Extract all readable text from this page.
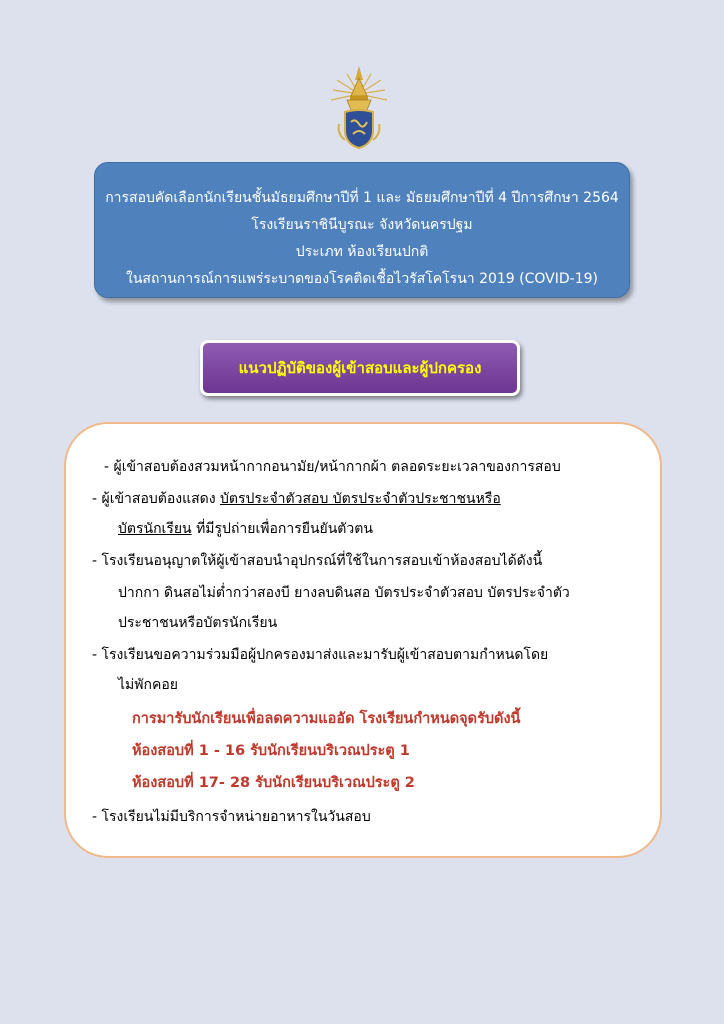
การสอบคัดเลือกนักเรียนชั้นมัธยมศึกษาปีที่ 1 และ มัธยมศึกษาปีที่ 4 ปีการศึกษา 2564
โรงเรียนราชินีบูรณะ จังหวัดนครปฐม
ประเภท ห้องเรียนปกติ
ในสถานการณ์การแพร่ระบาดของโรคติดเชื้อไวรัสโคโรนา 2019 (COVID-19)
แนวปฏิบัติของผู้เข้าสอบและผู้ปกครอง
- ผู้เข้าสอบต้องสวมหน้ากากอนามัย/หน้ากากผ้า ตลอดระยะเวลาของการสอบ
- ผู้เข้าสอบต้องแสดง บัตรประจำตัวสอบ บัตรประจำตัวประชาชนหรือ
บัตรนักเรียน ที่มีรูปถ่ายเพื่อการยืนยันตัวตน
- โรงเรียนอนุญาตให้ผู้เข้าสอบนำอุปกรณ์ที่ใช้ในการสอบเข้าห้องสอบได้ดังนี้
ปากกา ดินสอไม่ต่ำกว่าสองบี ยางลบดินสอ บัตรประจำตัวสอบ บัตรประจำตัว
ประชาชนหรือบัตรนักเรียน
- โรงเรียนขอความร่วมมือผู้ปกครองมาส่งและมารับผู้เข้าสอบตามกำหนดโดย
ไม่พักคอย
การมารับนักเรียนเพื่อลดความแออัด โรงเรียนกำหนดจุดรับดังนี้
ห้องสอบที่ 1 - 16 รับนักเรียนบริเวณประตู 1
ห้องสอบที่ 17- 28 รับนักเรียนบริเวณประตู 2
- โรงเรียนไม่มีบริการจำหน่ายอาหารในวันสอบ
